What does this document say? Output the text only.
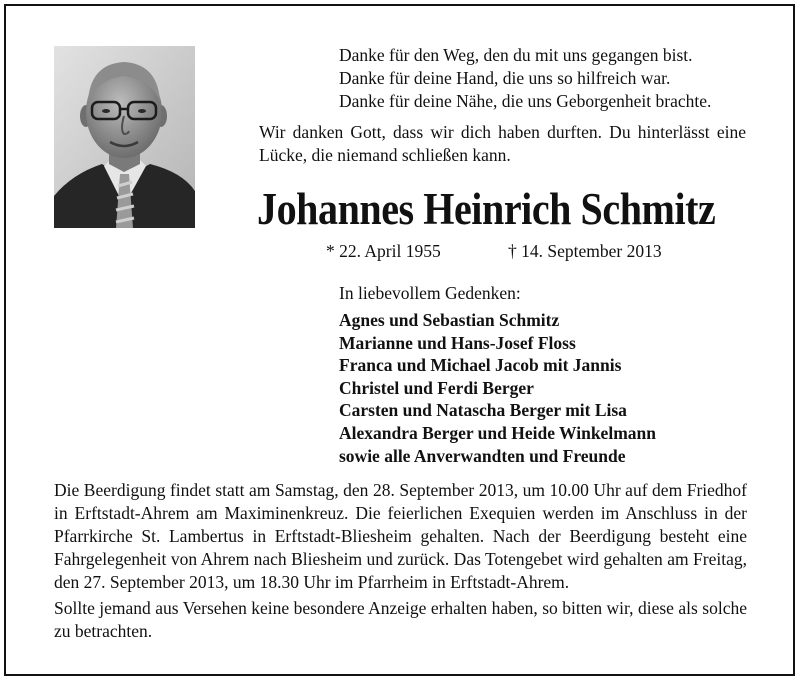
Danke für den Weg, den du mit uns gegangen bist.
Danke für deine Hand, die uns so hilfreich war.
Danke für deine Nähe, die uns Geborgenheit brachte.
Wir danken Gott, dass wir dich haben durften. Du hinterlässt eine Lücke, die niemand schließen kann.
Johannes Heinrich Schmitz
* 22. April 1955	† 14. September 2013
In liebevollem Gedenken:
Agnes und Sebastian Schmitz
Marianne und Hans-Josef Floss
Franca und Michael Jacob mit Jannis
Christel und Ferdi Berger
Carsten und Natascha Berger mit Lisa
Alexandra Berger und Heide Winkelmann
sowie alle Anverwandten und Freunde
Die Beerdigung findet statt am Samstag, den 28. September 2013, um 10.00 Uhr auf dem Friedhof in Erftstadt-Ahrem am Maximinenkreuz. Die feierlichen Exequien werden im Anschluss in der Pfarrkirche St. Lambertus in Erftstadt-Bliesheim gehalten. Nach der Beerdigung besteht eine Fahrgelegenheit von Ahrem nach Bliesheim und zurück. Das Totengebet wird gehalten am Freitag, den 27. September 2013, um 18.30 Uhr im Pfarrheim in Erftstadt-Ahrem.
Sollte jemand aus Versehen keine besondere Anzeige erhalten haben, so bitten wir, diese als solche zu betrachten.
